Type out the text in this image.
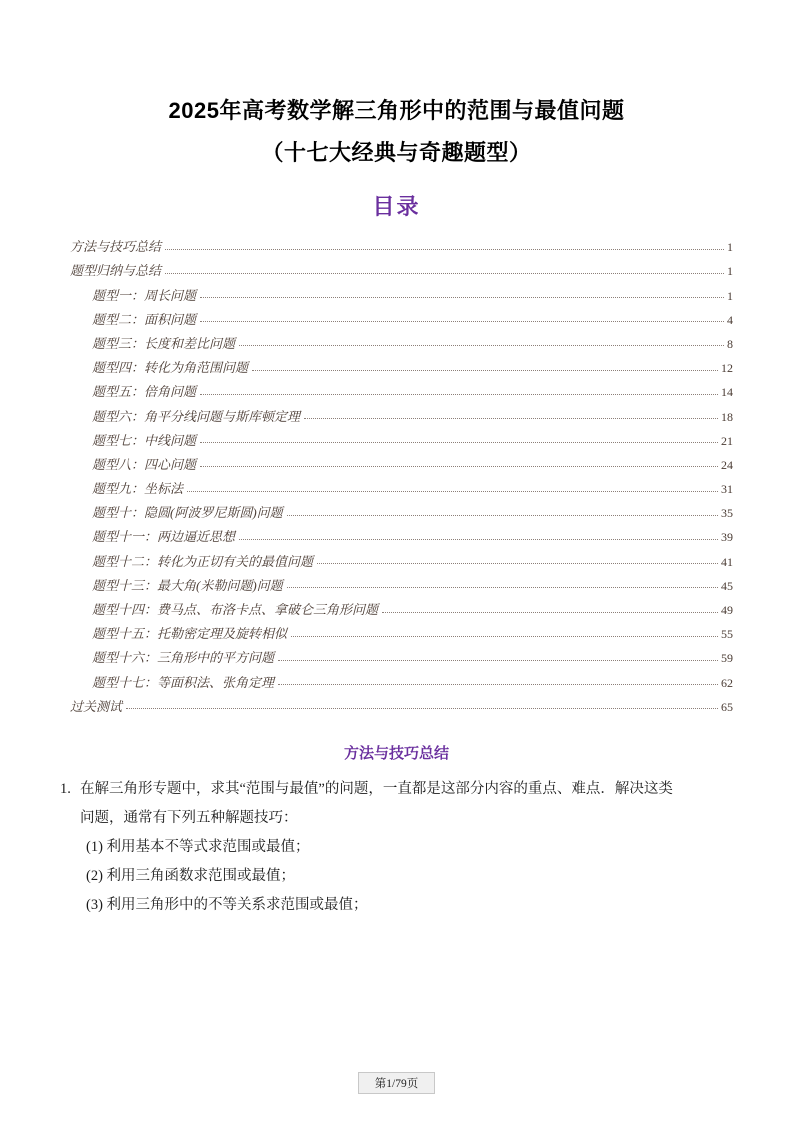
2025年高考数学解三角形中的范围与最值问题
（十七大经典与奇趣题型）
目录
方法与技巧总结	1
题型归纳与总结	1
题型一：周长问题	1
题型二：面积问题	4
题型三：长度和差比问题	8
题型四：转化为角范围问题	12
题型五：倍角问题	14
题型六：角平分线问题与斯库顿定理	18
题型七：中线问题	21
题型八：四心问题	24
题型九：坐标法	31
题型十：隐圆(阿波罗尼斯圆)问题	35
题型十一：两边逼近思想	39
题型十二：转化为正切有关的最值问题	41
题型十三：最大角(米勒问题)问题	45
题型十四：费马点、布洛卡点、拿破仑三角形问题	49
题型十五：托勒密定理及旋转相似	55
题型十六：三角形中的平方问题	59
题型十七：等面积法、张角定理	62
过关测试	65
方法与技巧总结
1. 在解三角形专题中，求其“范围与最值”的问题，一直都是这部分内容的重点、难点．解决这类
问题，通常有下列五种解题技巧：
(1) 利用基本不等式求范围或最值；
(2) 利用三角函数求范围或最值；
(3) 利用三角形中的不等关系求范围或最值；
第1/79页
